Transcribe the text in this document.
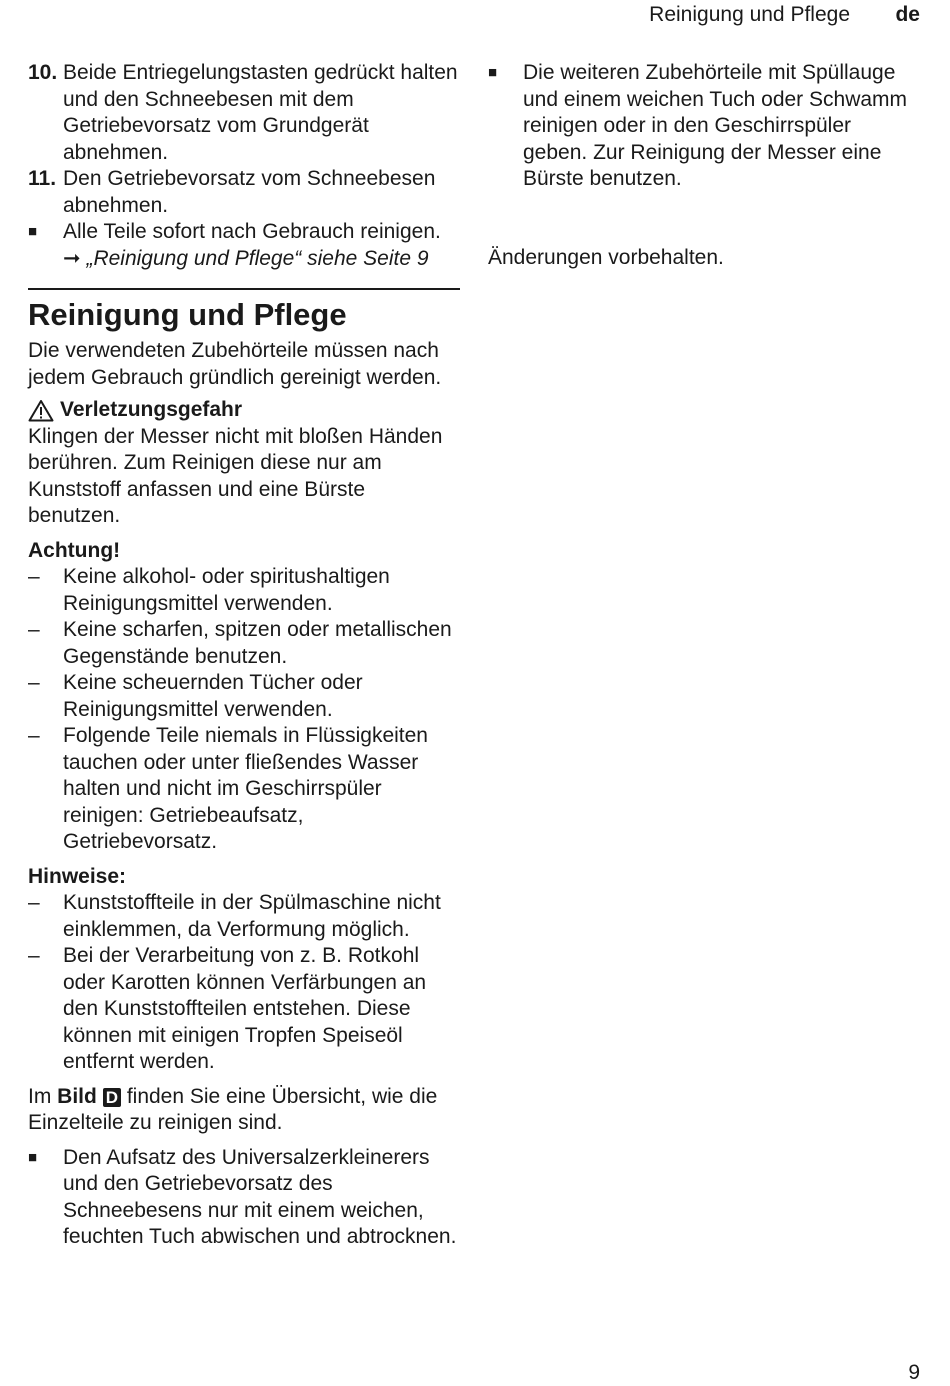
Reinigung und Pflege de
10. Beide Entriegelungstasten gedrückt halten und den Schneebesen mit dem Getriebevorsatz vom Grundgerät abnehmen.
11. Den Getriebevorsatz vom Schneebesen abnehmen.
■ Alle Teile sofort nach Gebrauch reinigen. ➞ „Reinigung und Pflege“ siehe Seite 9
Reinigung und Pflege

Die verwendeten Zubehörteile müssen nach jedem Gebrauch gründlich gereinigt werden.

Verletzungsgefahr

Klingen der Messer nicht mit bloßen Händen berühren. Zum Reinigen diese nur am Kunststoff anfassen und eine Bürste benutzen.

Achtung!
– Keine alkohol- oder spiritushaltigen Reinigungsmittel verwenden.
– Keine scharfen, spitzen oder metallischen Gegenstände benutzen.
– Keine scheuernden Tücher oder Reinigungsmittel verwenden.
– Folgende Teile niemals in Flüssigkeiten tauchen oder unter fließendes Wasser halten und nicht im Geschirrspüler reinigen: Getriebeaufsatz, Getriebevorsatz.
Hinweise:
– Kunststoffteile in der Spülmaschine nicht einklemmen, da Verformung möglich.
– Bei der Verarbeitung von z. B. Rotkohl oder Karotten können Verfärbungen an den Kunststoffteilen entstehen. Diese können mit einigen Tropfen Speiseöl entfernt werden.

Im Bild D finden Sie eine Übersicht, wie die Einzelteile zu reinigen sind.

■ Den Aufsatz des Universalzerkleinerers und den Getriebevorsatz des Schneebesens nur mit einem weichen, feuchten Tuch abwischen und abtrocknen.
■ Die weiteren Zubehörteile mit Spüllauge und einem weichen Tuch oder Schwamm reinigen oder in den Geschirrspüler geben. Zur Reinigung der Messer eine Bürste benutzen.

Änderungen vorbehalten.

9
